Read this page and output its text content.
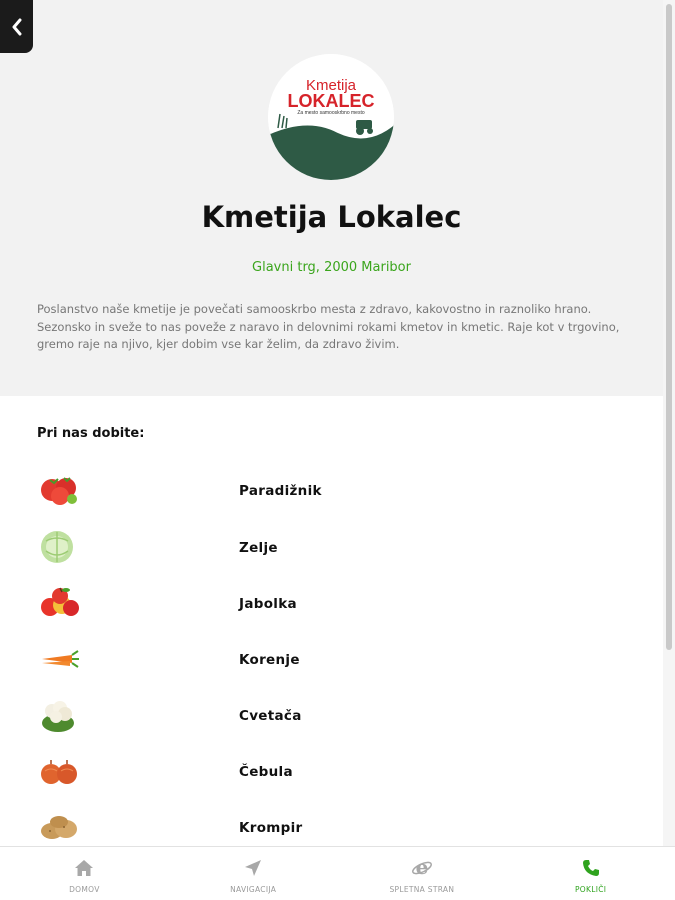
Kmetija
LOKALEC
Za mesto samooskrbno mesto
Kmetija Lokalec
Glavni trg, 2000 Maribor
Poslanstvo naše kmetije je povečati samooskrbo mesta z zdravo, kakovostno in raznoliko hrano. Sezonsko in sveže to nas poveže z naravo in delovnimi rokami kmetov in kmetic. Raje kot v trgovino, gremo raje na njivo, kjer dobim vse kar želim, da zdravo živim.
Pri nas dobite:
Paradižnik
Zelje
Jabolka
Korenje
Cvetača
Čebula
Krompir
DOMOV	NAVIGACIJA
e
SPLETNA STRAN	POKLIČI
